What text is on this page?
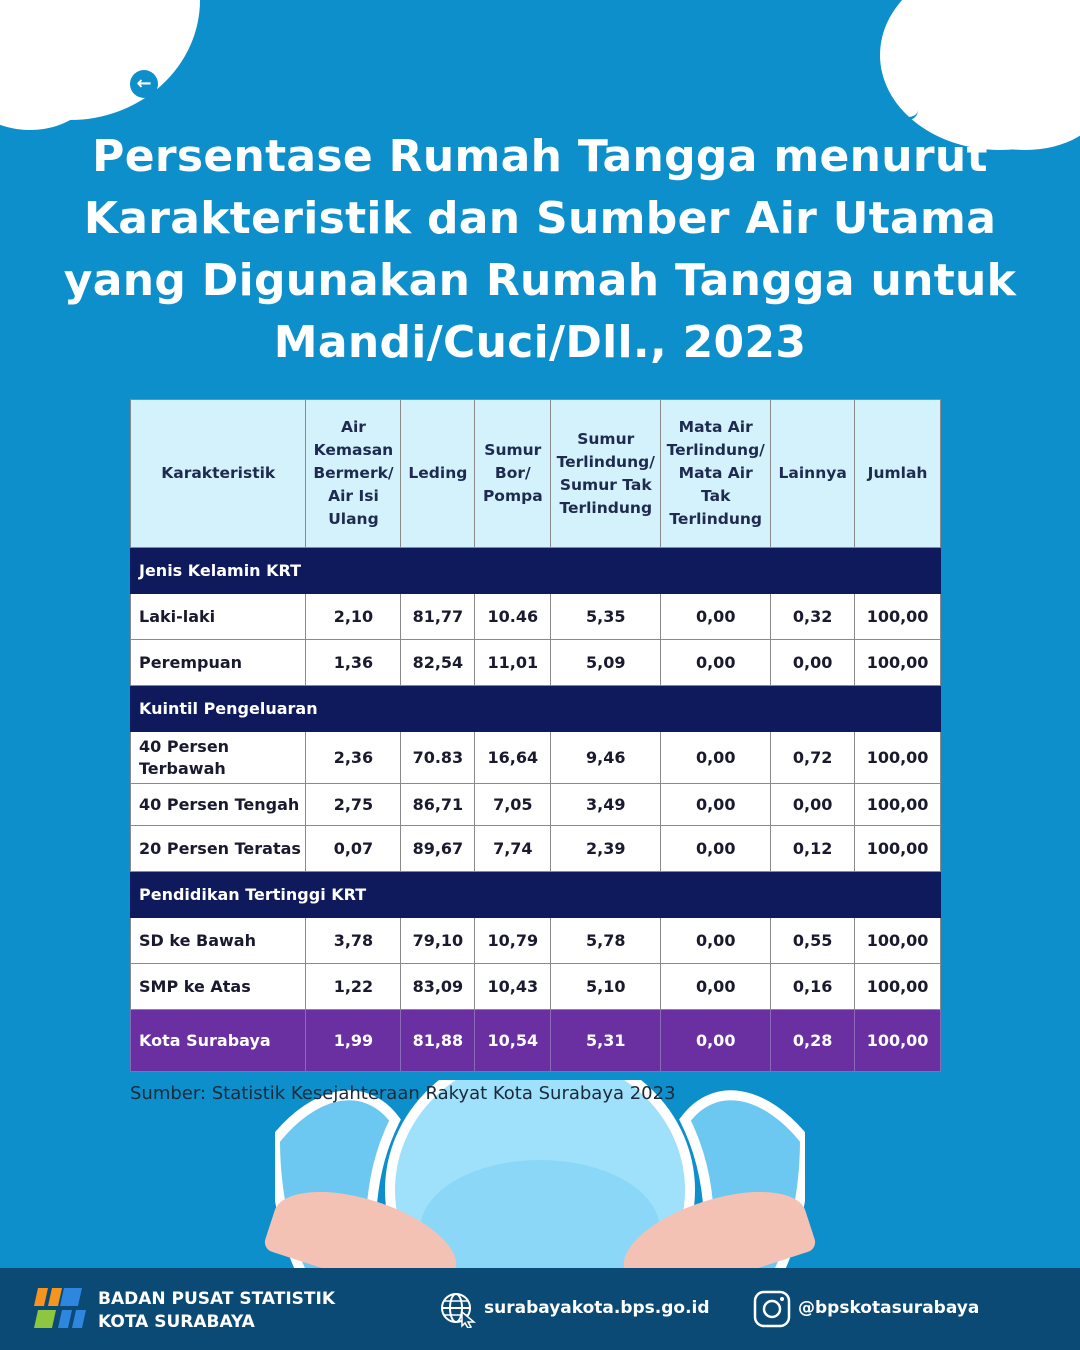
←
Persentase Rumah Tangga menurut
Karakteristik dan Sumber Air Utama
yang Digunakan Rumah Tangga untuk
Mandi/Cuci/Dll., 2023
Karakteristik	Air Kemasan Bermerk/ Air Isi Ulang	Leding	Sumur Bor/ Pompa	Sumur Terlindung/ Sumur Tak Terlindung	Mata Air Terlindung/ Mata Air Tak Terlindung	Lainnya	Jumlah
Jenis Kelamin KRT							
Laki-laki	2,10	81,77	10.46	5,35	0,00	0,32	100,00
Perempuan	1,36	82,54	11,01	5,09	0,00	0,00	100,00
Kuintil Pengeluaran							
40 Persen Terbawah	2,36	70.83	16,64	9,46	0,00	0,72	100,00
40 Persen Tengah	2,75	86,71	7,05	3,49	0,00	0,00	100,00
20 Persen Teratas	0,07	89,67	7,74	2,39	0,00	0,12	100,00
Pendidikan Tertinggi KRT							
SD ke Bawah	3,78	79,10	10,79	5,78	0,00	0,55	100,00
SMP ke Atas	1,22	83,09	10,43	5,10	0,00	0,16	100,00
Kota Surabaya	1,99	81,88	10,54	5,31	0,00	0,28	100,00
Sumber: Statistik Kesejahteraan Rakyat Kota Surabaya 2023
BADAN PUSAT STATISTIK
KOTA SURABAYA
surabayakota.bps.go.id	@bpskotasurabaya
